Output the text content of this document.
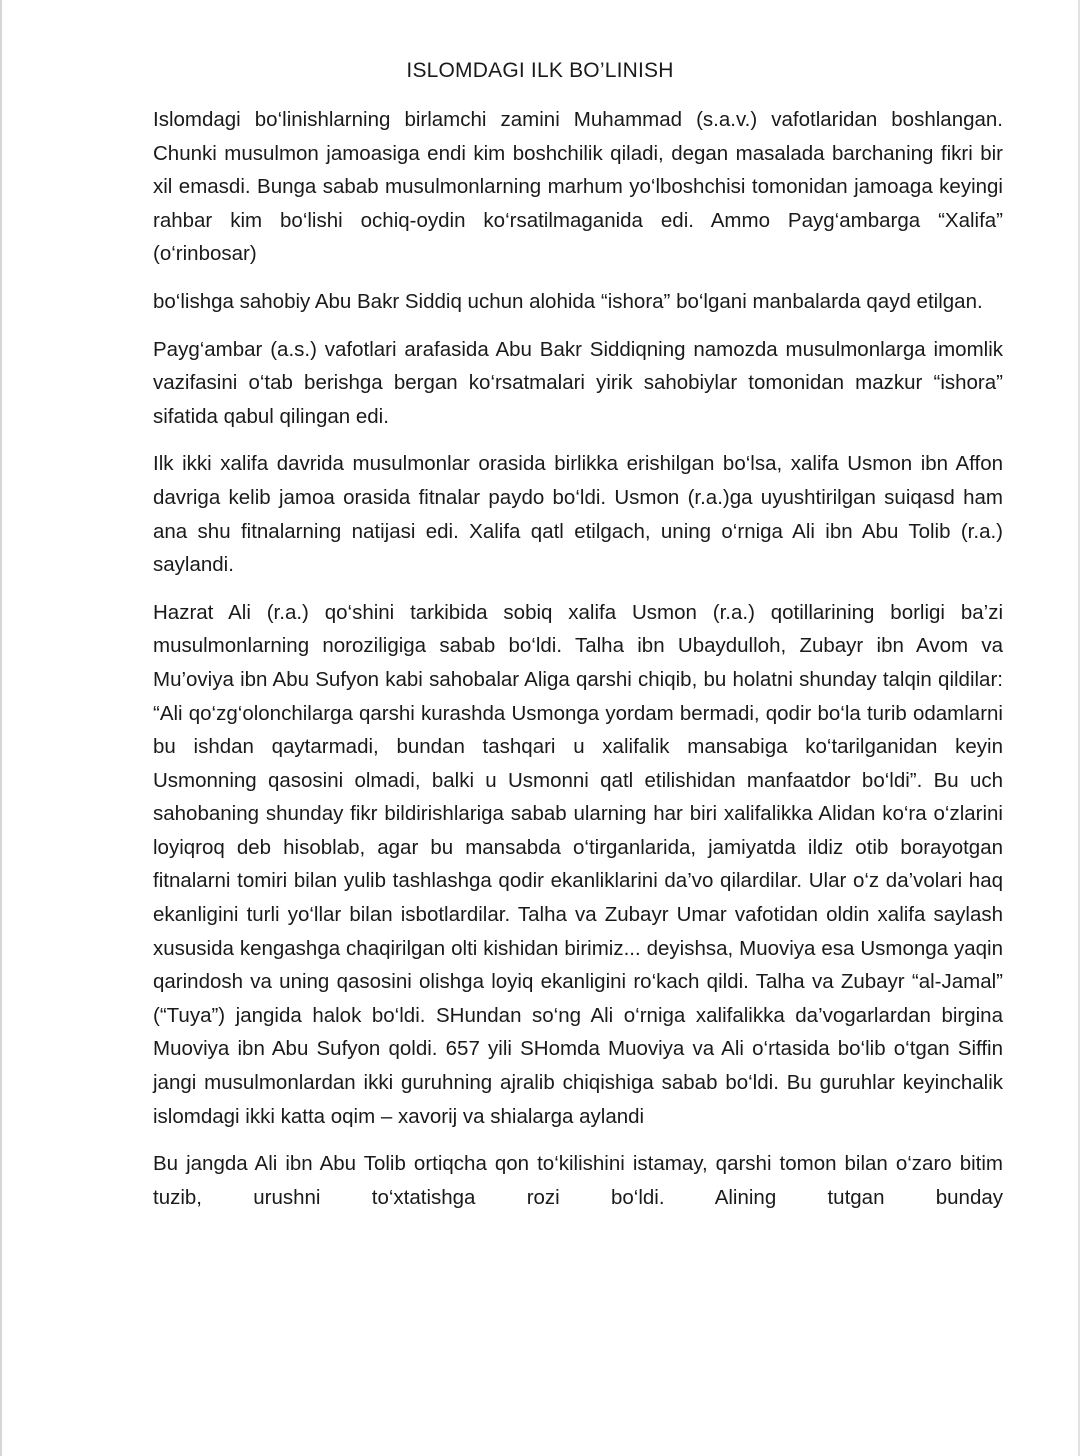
ISLOMDAGI ILK BO’LINISH

Islomdagi bo‘linishlarning birlamchi zamini Muhammad (s.a.v.) vafotlaridan boshlangan. Chunki musulmon jamoasiga endi kim boshchilik qiladi, degan masalada barchaning fikri bir xil emasdi. Bunga sabab musulmonlarning marhum yo‘lboshchisi tomonidan jamoaga keyingi rahbar kim bo‘lishi ochiq-oydin ko‘rsatilmaganida edi. Ammo Payg‘ambarga “Xalifa” (o‘rinbosar)

bo‘lishga sahobiy Abu Bakr Siddiq uchun alohida “ishora” bo‘lgani manbalarda qayd etilgan.

Payg‘ambar (a.s.) vafotlari arafasida Abu Bakr Siddiqning namozda musulmonlarga imomlik vazifasini o‘tab berishga bergan ko‘rsatmalari yirik sahobiylar tomonidan mazkur “ishora” sifatida qabul qilingan edi.

Ilk ikki xalifa davrida musulmonlar orasida birlikka erishilgan bo‘lsa, xalifa Usmon ibn Affon davriga kelib jamoa orasida fitnalar paydo bo‘ldi. Usmon (r.a.)ga uyushtirilgan suiqasd ham ana shu fitnalarning natijasi edi. Xalifa qatl etilgach, uning o‘rniga Ali ibn Abu Tolib (r.a.) saylandi.

Hazrat Ali (r.a.) qo‘shini tarkibida sobiq xalifa Usmon (r.a.) qotillarining borligi ba’zi musulmonlarning noroziligiga sabab bo‘ldi. Talha ibn Ubaydulloh, Zubayr ibn Avom va Mu’oviya ibn Abu Sufyon kabi sahobalar Aliga qarshi chiqib, bu holatni shunday talqin qildilar: “Ali qo‘zg‘olonchilarga qarshi kurashda Usmonga yordam bermadi, qodir bo‘la turib odamlarni bu ishdan qaytarmadi, bundan tashqari u xalifalik mansabiga ko‘tarilganidan keyin Usmonning qasosini olmadi, balki u Usmonni qatl etilishidan manfaatdor bo‘ldi”. Bu uch sahobaning shunday fikr bildirishlariga sabab ularning har biri xalifalikka Alidan ko‘ra o‘zlarini loyiqroq deb hisoblab, agar bu mansabda o‘tirganlarida, jamiyatda ildiz otib borayotgan fitnalarni tomiri bilan yulib tashlashga qodir ekanliklarini da’vo qilardilar. Ular o‘z da’volari haq ekanligini turli yo‘llar bilan isbotlardilar. Talha va Zubayr Umar vafotidan oldin xalifa saylash xususida kengashga chaqirilgan olti kishidan birimiz... deyishsa, Muoviya esa Usmonga yaqin qarindosh va uning qasosini olishga loyiq ekanligini ro‘kach qildi. Talha va Zubayr “al-Jamal” (“Tuya”) jangida halok bo‘ldi. SHundan so‘ng Ali o‘rniga xalifalikka da’vogarlardan birgina Muoviya ibn Abu Sufyon qoldi. 657 yili SHomda Muoviya va Ali o‘rtasida bo‘lib o‘tgan Siffin jangi musulmonlardan ikki guruhning ajralib chiqishiga sabab bo‘ldi. Bu guruhlar keyinchalik islomdagi ikki katta oqim – xavorij va shialarga aylandi

Bu jangda Ali ibn Abu Tolib ortiqcha qon to‘kilishini istamay, qarshi tomon bilan o‘zaro bitim tuzib, urushni to‘xtatishga rozi bo‘ldi. Alining tutgan bunday
